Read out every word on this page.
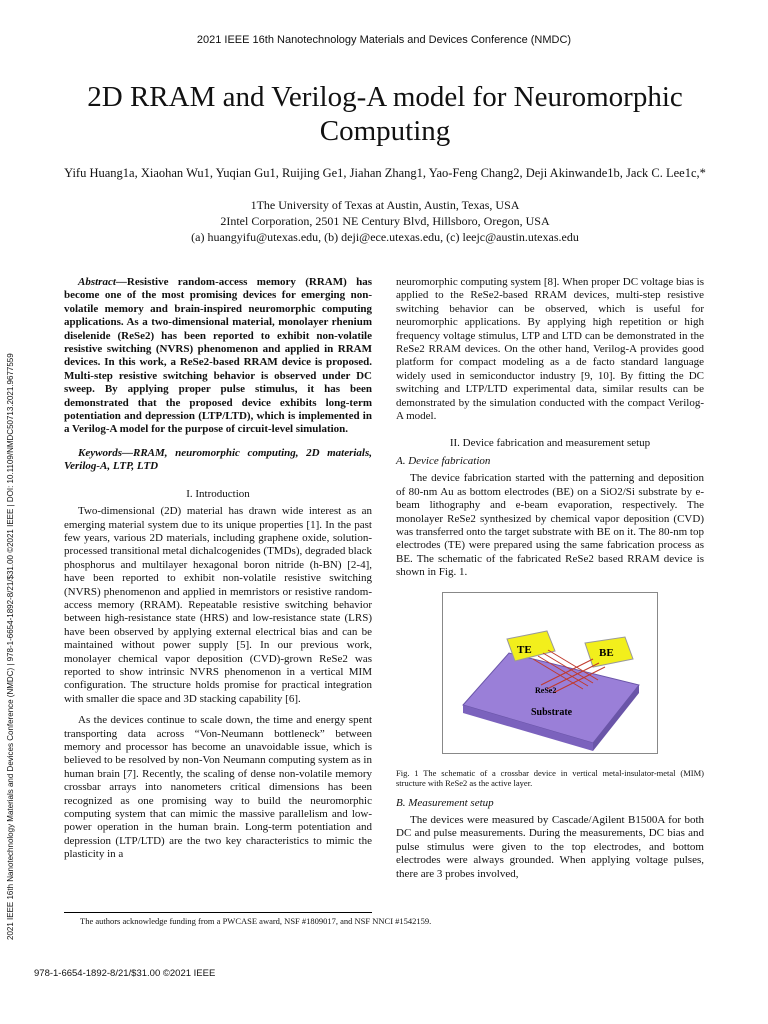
2021 IEEE 16th Nanotechnology Materials and Devices Conference (NMDC)
2D RRAM and Verilog-A model for Neuromorphic Computing
Yifu Huang1a, Xiaohan Wu1, Yuqian Gu1, Ruijing Ge1, Jiahan Zhang1, Yao-Feng Chang2, Deji Akinwande1b, Jack C. Lee1c,*
1The University of Texas at Austin, Austin, Texas, USA
2Intel Corporation, 2501 NE Century Blvd, Hillsboro, Oregon, USA
(a) huangyifu@utexas.edu, (b) deji@ece.utexas.edu, (c) leejc@austin.utexas.edu
2021 IEEE 16th Nanotechnology Materials and Devices Conference (NMDC) | 978-1-6654-1892-8/21/$31.00 ©2021 IEEE | DOI: 10.1109/NMDC50713.2021.9677559

Abstract—Resistive random-access memory (RRAM) has become one of the most promising devices for emerging non-volatile memory and brain-inspired neuromorphic computing applications. As a two-dimensional material, monolayer rhenium diselenide (ReSe2) has been reported to exhibit non-volatile resistive switching (NVRS) phenomenon and applied in RRAM devices. In this work, a ReSe2-based RRAM device is proposed. Multi-step resistive switching behavior is observed under DC sweep. By applying proper pulse stimulus, it has been demonstrated that the proposed device exhibits long-term potentiation and depression (LTP/LTD), which is implemented in a Verilog-A model for the purpose of circuit-level simulation.

Keywords—RRAM, neuromorphic computing, 2D materials, Verilog-A, LTP, LTD

I. Introduction

Two-dimensional (2D) material has drawn wide interest as an emerging material system due to its unique properties [1]. In the past few years, various 2D materials, including graphene oxide, solution-processed transitional metal dichalcogenides (TMDs), degraded black phosphorus and multilayer hexagonal boron nitride (h-BN) [2-4], have been reported to exhibit non-volatile resistive switching (NVRS) phenomenon and applied in memristors or resistive random-access memory (RRAM). Repeatable resistive switching behavior between high-resistance state (HRS) and low-resistance state (LRS) have been observed by applying external electrical bias and can be maintained without power supply [5]. In our previous work, monolayer chemical vapor deposition (CVD)-grown ReSe2 was reported to show intrinsic NVRS phenomenon in a vertical MIM configuration. The structure holds promise for practical integration with smaller die space and 3D stacking capability [6].

As the devices continue to scale down, the time and energy spent transporting data across “Von-Neumann bottleneck” between memory and processor has become an unavoidable issue, which is believed to be resolved by non-Von Neumann computing system as in human brain [7]. Recently, the scaling of dense non-volatile memory crossbar arrays into nanometers critical dimensions has been recognized as one promising way to build the neuromorphic computing system that can mimic the massive parallelism and low-power operation in the human brain. Long-term potentiation and depression (LTP/LTD) are the two key characteristics to mimic the plasticity in a

neuromorphic computing system [8]. When proper DC voltage bias is applied to the ReSe2-based RRAM devices, multi-step resistive switching behavior can be observed, which is useful for neuromorphic applications. By applying high repetition or high frequency voltage stimulus, LTP and LTD can be demonstrated in the ReSe2 RRAM devices. On the other hand, Verilog-A provides good platform for compact modeling as a de facto standard language widely used in semiconductor industry [9, 10]. By fitting the DC switching and LTP/LTD experimental data, similar results can be demonstrated by the simulation conducted with the compact Verilog-A model.

II. Device fabrication and measurement setup
A. Device fabrication

The device fabrication started with the patterning and deposition of 80-nm Au as bottom electrodes (BE) on a SiO2/Si substrate by e-beam lithography and e-beam evaporation, respectively. The monolayer ReSe2 synthesized by chemical vapor deposition (CVD) was transferred onto the target substrate with BE on it. The 80-nm top electrodes (TE) were prepared using the same fabrication process as BE. The schematic of the fabricated ReSe2 based RRAM device is shown in Fig. 1.

TE	BE
ReSe2
Substrate

Fig. 1 The schematic of a crossbar device in vertical metal-insulator-metal (MIM) structure with ReSe2 as the active layer.

B. Measurement setup

The devices were measured by Cascade/Agilent B1500A for both DC and pulse measurements. During the measurements, DC bias and pulse stimulus were given to the top electrodes, and bottom electrodes were always grounded. When applying voltage pulses, there are 3 probes involved,

The authors acknowledge funding from a PWCASE award, NSF #1809017, and NSF NNCI #1542159.
978-1-6654-1892-8/21/$31.00 ©2021 IEEE
